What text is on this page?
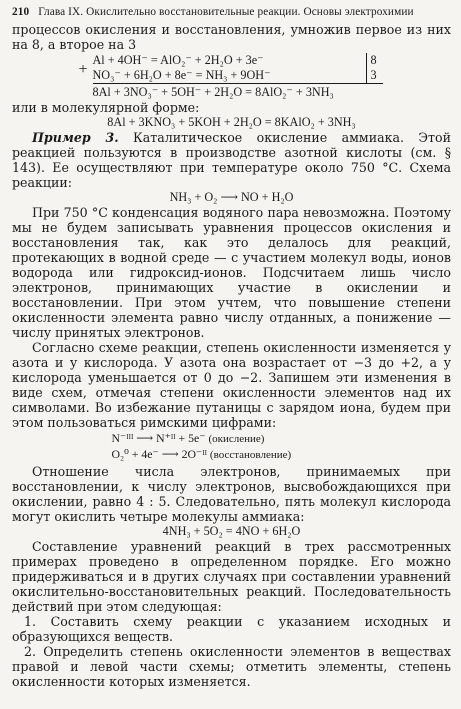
210 Глава IX. Окислительно восстановительные реакции. Основы электрохимии

процессов окисления и восстановления, умножив первое из них на 8, а второе на 3

+
Al + 4OH⁻ = AlO₂⁻ + 2H₂O + 3e⁻	8
NO₃⁻ + 6H₂O + 8e⁻ = NH₃ + 9OH⁻	3
8Al + 3NO₃⁻ + 5OH⁻ + 2H₂O = 8AlO₂⁻ + 3NH₃

или в молекулярной форме:

8Al + 3KNO₃ + 5KOH + 2H₂O = 8KAlO₂ + 3NH₃

Пример 3. Каталитическое окисление аммиака. Этой реакцией пользуются в производстве азотной кислоты (см. § 143). Ее осуществляют при температуре около 750 °С. Схема реакции:

NH₃ + O₂ ⟶ NO + H₂O

При 750 °С конденсация водяного пара невозможна. Поэтому мы не будем записывать уравнения процессов окисления и восстановления так, как это делалось для реакций, протекающих в водной среде — с участием молекул воды, ионов водорода или гидроксид-ионов. Подсчитаем лишь число электронов, принимающих участие в окислении и восстановлении. При этом учтем, что повышение степени окисленности элемента равно числу отданных, а понижение — числу принятых электронов.

Согласно схеме реакции, степень окисленности изменяется у азота и у кислорода. У азота она возрастает от −3 до +2, а у кислорода уменьшается от 0 до −2. Запишем эти изменения в виде схем, отмечая степени окисленности элементов над их символами. Во избежание путаницы с зарядом иона, будем при этом пользоваться римскими цифрами:

N⁻ᴵᴵᴵ ⟶ N⁺ᴵᴵ + 5e⁻ (окисление)
O₂⁰ + 4e⁻ ⟶ 2O⁻ᴵᴵ (восстановление)

Отношение числа электронов, принимаемых при восстановлении, к числу электронов, высвобождающихся при окислении, равно 4 : 5. Следовательно, пять молекул кислорода могут окислить четыре молекулы аммиака:

4NH₃ + 5O₂ = 4NO + 6H₂O

Составление уравнений реакций в трех рассмотренных примерах проведено в определенном порядке. Его можно придерживаться и в других случаях при составлении уравнений окислительно-восстановительных реакций. Последовательность действий при этом следующая:

1. Составить схему реакции с указанием исходных и образующихся веществ.

2. Определить степень окисленности элементов в веществах правой и левой части схемы; отметить элементы, степень окисленности которых изменяется.
